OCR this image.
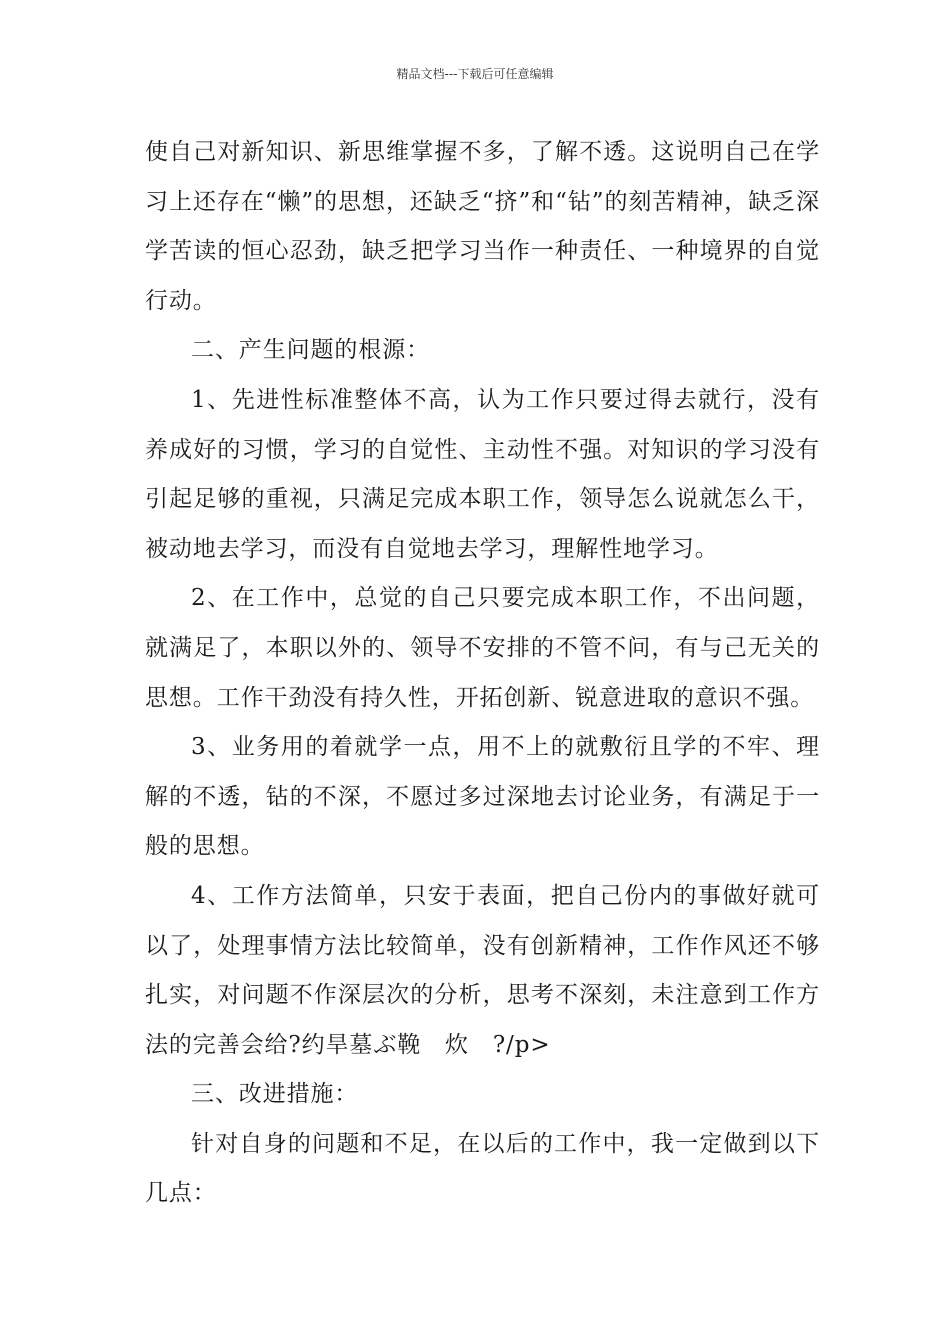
精品文档---下载后可任意编辑

使自己对新知识、新思维掌握不多，了解不透。这说明自己在学习上还存在“懒”的思想，还缺乏“挤”和“钻”的刻苦精神，缺乏深学苦读的恒心忍劲，缺乏把学习当作一种责任、一种境界的自觉行动。

二、产生问题的根源：

1、先进性标准整体不高，认为工作只要过得去就行，没有养成好的习惯，学习的自觉性、主动性不强。对知识的学习没有引起足够的重视，只满足完成本职工作，领导怎么说就怎么干，被动地去学习，而没有自觉地去学习，理解性地学习。

2、在工作中，总觉的自己只要完成本职工作，不出问题，就满足了，本职以外的、领导不安排的不管不问，有与己无关的思想。工作干劲没有持久性，开拓创新、锐意进取的意识不强。

3、业务用的着就学一点，用不上的就敷衍且学的不牢、理解的不透，钻的不深，不愿过多过深地去讨论业务，有满足于一般的思想。

4、工作方法简单，只安于表面，把自己份内的事做好就可以了，处理事情方法比较简单，没有创新精神，工作作风还不够扎实，对问题不作深层次的分析，思考不深刻，未注意到工作方法的完善会给?约旱墓ぶ鞔　炊　?/p>

三、改进措施：

针对自身的问题和不足，在以后的工作中，我一定做到以下几点：
